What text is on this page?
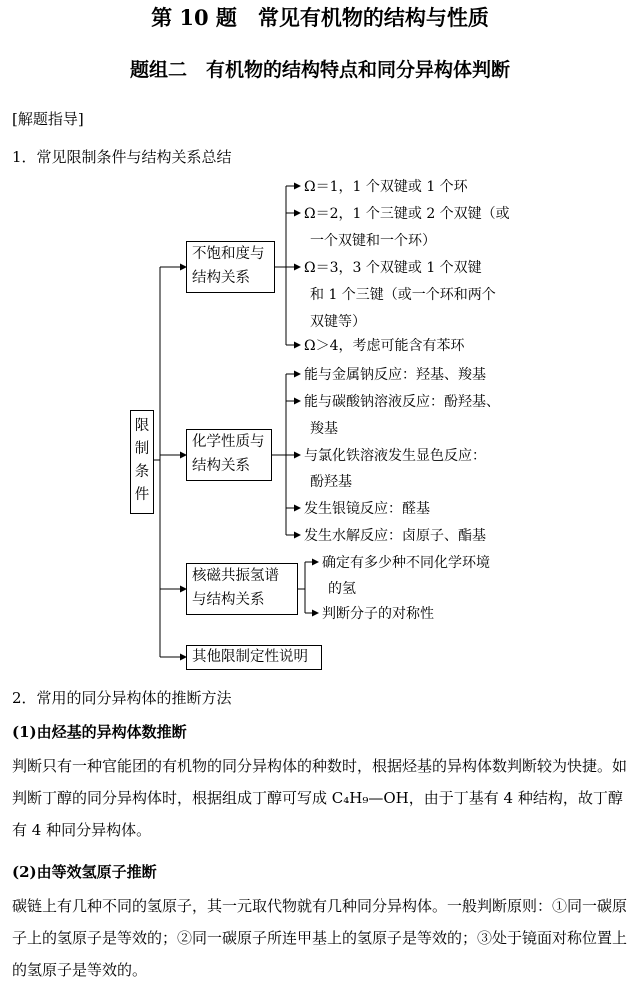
第 10 题　常见有机物的结构与性质
题组二　有机物的结构特点和同分异构体判断
[解题指导]
1．常见限制条件与结构关系总结
限
制
条
件
不饱和度与
结构关系
化学性质与
结构关系
核磁共振氢谱
与结构关系
其他限制定性说明
Ω＝1，1 个双键或 1 个环
Ω＝2，1 个三键或 2 个双键（或
一个双键和一个环）
Ω＝3，3 个双键或 1 个双键
和 1 个三键（或一个环和两个
双键等）
Ω＞4，考虑可能含有苯环
能与金属钠反应：羟基、羧基
能与碳酸钠溶液反应：酚羟基、
羧基
与氯化铁溶液发生显色反应：
酚羟基
发生银镜反应：醛基
发生水解反应：卤原子、酯基
确定有多少种不同化学环境
的氢
判断分子的对称性
2．常用的同分异构体的推断方法
(1)由烃基的异构体数推断
判断只有一种官能团的有机物的同分异构体的种数时，根据烃基的异构体数判断较为快捷。如判断丁醇的同分异构体时，根据组成丁醇可写成 C₄H₉—OH，由于丁基有 4 种结构，故丁醇有 4 种同分异构体。
(2)由等效氢原子推断
碳链上有几种不同的氢原子，其一元取代物就有几种同分异构体。一般判断原则：①同一碳原子上的氢原子是等效的；②同一碳原子所连甲基上的氢原子是等效的；③处于镜面对称位置上的氢原子是等效的。
